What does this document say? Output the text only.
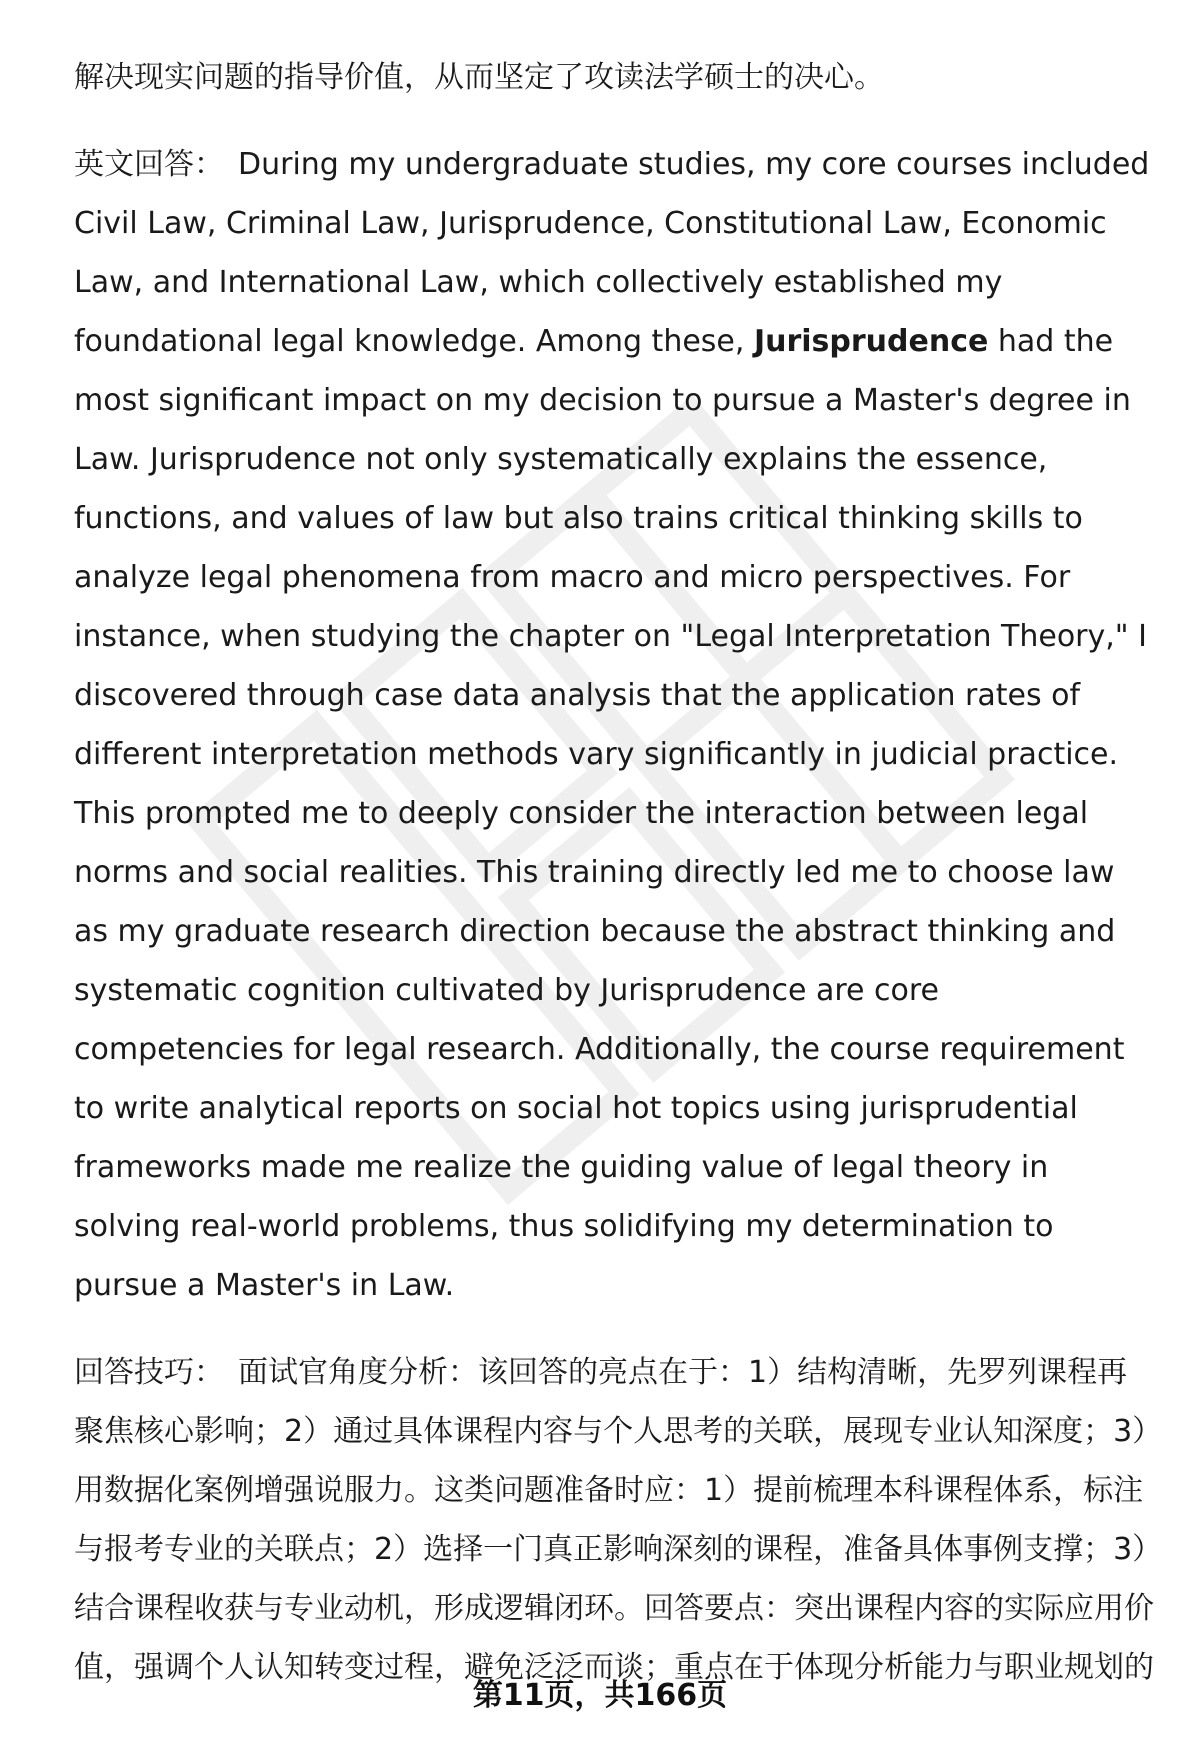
解决现实问题的指导价值，从而坚定了攻读法学硕士的决心。

英文回答： During my undergraduate studies, my core courses included Civil Law, Criminal Law, Jurisprudence, Constitutional Law, Economic Law, and International Law, which collectively established my foundational legal knowledge. Among these, Jurisprudence had the most significant impact on my decision to pursue a Master's degree in Law. Jurisprudence not only systematically explains the essence, functions, and values of law but also trains critical thinking skills to analyze legal phenomena from macro and micro perspectives. For instance, when studying the chapter on "Legal Interpretation Theory," I discovered through case data analysis that the application rates of different interpretation methods vary significantly in judicial practice. This prompted me to deeply consider the interaction between legal norms and social realities. This training directly led me to choose law as my graduate research direction because the abstract thinking and systematic cognition cultivated by Jurisprudence are core competencies for legal research. Additionally, the course requirement to write analytical reports on social hot topics using jurisprudential frameworks made me realize the guiding value of legal theory in solving real-world problems, thus solidifying my determination to pursue a Master's in Law.

回答技巧： 面试官角度分析：该回答的亮点在于：1）结构清晰，先罗列课程再聚焦核心影响；2）通过具体课程内容与个人思考的关联，展现专业认知深度；3）用数据化案例增强说服力。这类问题准备时应：1）提前梳理本科课程体系，标注与报考专业的关联点；2）选择一门真正影响深刻的课程，准备具体事例支撑；3）结合课程收获与专业动机，形成逻辑闭环。回答要点：突出课程内容的实际应用价值，强调个人认知转变过程，避免泛泛而谈；重点在于体现分析能力与职业规划的

第11页，共166页
